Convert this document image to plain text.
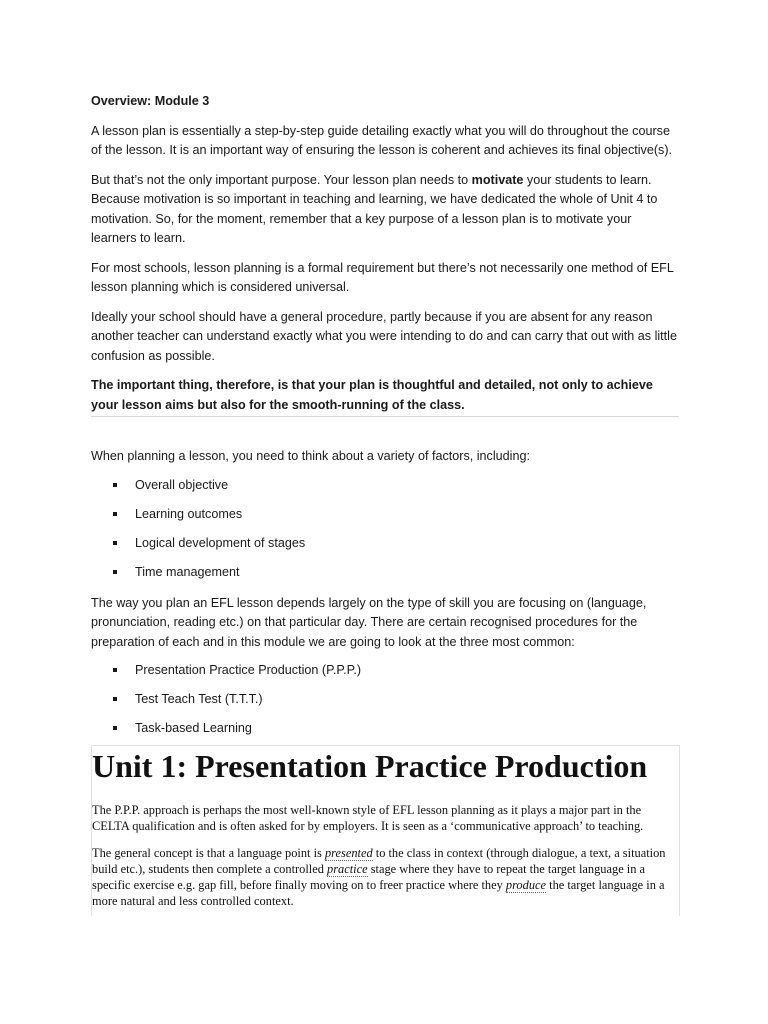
Overview: Module 3

A lesson plan is essentially a step-by-step guide detailing exactly what you will do throughout the course of the lesson. It is an important way of ensuring the lesson is coherent and achieves its final objective(s).

But that’s not the only important purpose. Your lesson plan needs to motivate your students to learn. Because motivation is so important in teaching and learning, we have dedicated the whole of Unit 4 to motivation. So, for the moment, remember that a key purpose of a lesson plan is to motivate your learners to learn.

For most schools, lesson planning is a formal requirement but there’s not necessarily one method of EFL lesson planning which is considered universal.

Ideally your school should have a general procedure, partly because if you are absent for any reason another teacher can understand exactly what you were intending to do and can carry that out with as little confusion as possible.

The important thing, therefore, is that your plan is thoughtful and detailed, not only to achieve your lesson aims but also for the smooth-running of the class.

When planning a lesson, you need to think about a variety of factors, including:

Overall objective
Learning outcomes
Logical development of stages
Time management

The way you plan an EFL lesson depends largely on the type of skill you are focusing on (language, pronunciation, reading etc.) on that particular day. There are certain recognised procedures for the preparation of each and in this module we are going to look at the three most common:

Presentation Practice Production (P.P.P.)
Test Teach Test (T.T.T.)
Task-based Learning
Unit 1: Presentation Practice Production

The P.P.P. approach is perhaps the most well-known style of EFL lesson planning as it plays a major part in the CELTA qualification and is often asked for by employers. It is seen as a ‘communicative approach’ to teaching.

The general concept is that a language point is presented to the class in context (through dialogue, a text, a situation build etc.), students then complete a controlled practice stage where they have to repeat the target language in a specific exercise e.g. gap fill, before finally moving on to freer practice where they produce the target language in a more natural and less controlled context.
